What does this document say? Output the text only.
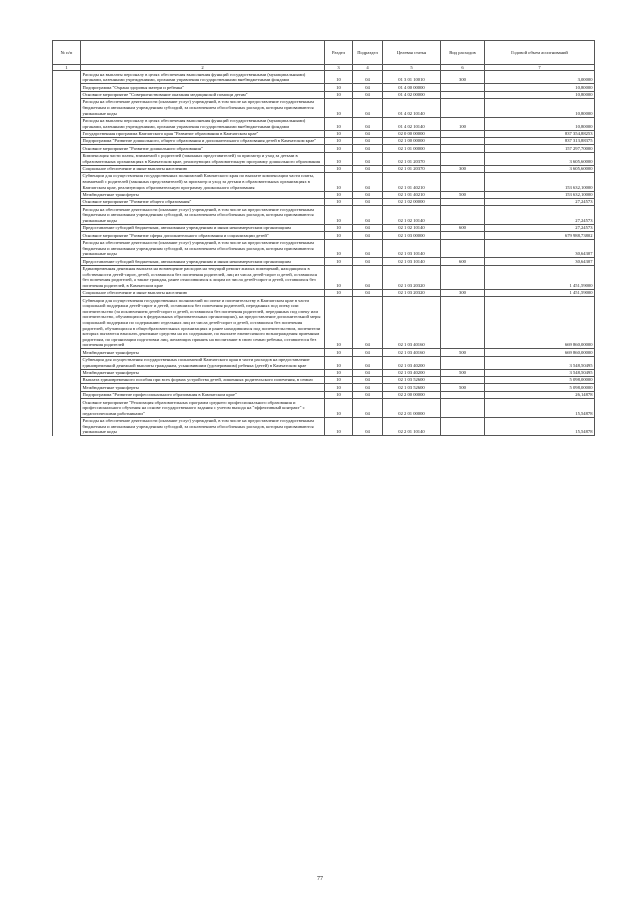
№ п/п		Раздел	Подраздел	Целевая статья	Вид расходов	Годовой объем ассигнований
1	2	3	4	5	6	7
	Расходы на выплаты персоналу в целях обеспечения выполнения функций государственными (муниципальными) органами, казенными учреждениями, органами управления государственными внебюджетными фондами	10	04	01 3 01 10010	300	3,00000
	Подпрограмма "Охрана здоровья матери и ребенка"	10	04	01 4 00 00000		10,80000
	Основное мероприятие "Совершенствование оказания медицинской помощи детям"	10	04	01 4 02 00000		10,80000
	Расходы на обеспечение деятельности (оказание услуг) учреждений, в том числе на предоставление государственным бюджетным и автономным учреждениям субсидий, за исключением обособленных расходов, которым присваиваются уникальные коды	10	04	01 4 02 10140		10,80000
	Расходы на выплаты персоналу в целях обеспечения выполнения функций государственными (муниципальными) органами, казенными учреждениями, органами управления государственными внебюджетными фондами	10	04	01 4 02 10140	100	10,80000
	Государственная программа Камчатского края "Развитие образования в Камчатском крае"	10	04	02 0 00 00000		837 354,88253
	Подпрограмма "Развитие дошкольного, общего образования и дополнительного образования детей в Камчатском крае"	10	04	02 1 00 00000		837 313,88375
	Основное мероприятие "Развитие дошкольного образования"	10	04	02 1 01 00000		157 297,70000
	Компенсация части платы, взимаемой с родителей (законных представителей) за присмотр и уход за детьми в образовательных организациях в Камчатском крае, реализующих образовательную программу дошкольного образования	10	04	02 1 01 20370		3 605,60000
	Социальное обеспечение и иные выплаты населению	10	04	02 1 01 20370	300	3 605,60000
	Субвенции для осуществления государственных полномочий Камчатского края по выплате компенсации части платы, взимаемой с родителей (законных представителей) за присмотр и уход за детьми в образовательных организациях в Камчатском крае, реализующих образовательную программу дошкольного образования	10	04	02 1 01 40210		153 632,10000
	Межбюджетные трансферты	10	04	02 1 01 40210	500	153 632,10000
	Основное мероприятие "Развитие общего образования"	10	04	02 1 02 00000		27,24573
	Расходы на обеспечение деятельности (оказание услуг) учреждений, в том числе на предоставление государственным бюджетным и автономным учреждениям субсидий, за исключением обособленных расходов, которым присваиваются уникальные коды	10	04	02 1 02 10140		27,24573
	Предоставление субсидий бюджетным, автономным учреждениям и иным некоммерческим организациям	10	04	02 1 02 10140	600	27,24573
	Основное мероприятие "Развитие сферы дополнительного образования и социализации детей"	10	04	02 1 03 00000		679 988,73802
	Расходы на обеспечение деятельности (оказание услуг) учреждений, в том числе на предоставление государственным бюджетным и автономным учреждениям субсидий, за исключением обособленных расходов, которым присваиваются уникальные коды	10	04	02 1 03 10140		30,64307
	Предоставление субсидий бюджетным, автономным учреждениям и иным некоммерческим организациям	10	04	02 1 03 10140	600	30,64307
	Единовременная денежная выплата на возмещение расходов на текущий ремонт жилых помещений, находящихся в собственности детей-сирот, детей, оставшихся без попечения родителей, лиц из числа детей-сирот и детей, оставшихся без попечения родителей, а также граждан, ранее относившихся к лицам из числа детей-сирот и детей, оставшихся без попечения родителей, в Камчатском крае	10	04	02 1 03 20320		1 451,59000
	Социальное обеспечение и иные выплаты населению	10	04	02 1 03 20320	300	1 451,59000
	Субвенции для осуществления государственных полномочий по опеке и попечительству в Камчатском крае в части социальной поддержки детей-сирот и детей, оставшихся без попечения родителей, переданных под опеку или попечительство (за исключением детей-сирот и детей, оставшихся без попечения родителей, переданных под опеку или попечительство, обучающихся в федеральных образовательных организациях), на предоставление дополнительной меры социальной поддержки по содержанию отдельных лиц из числа детей-сирот и детей, оставшихся без попечения родителей, обучающихся в общеобразовательных организациях и ранее находившихся под попечительством, попечители которых пытаются взыскать денежные средства на их содержание, по выплате ежемесячного вознаграждения приемным родителям, по организации подготовки лиц, желающих принять на воспитание в свою семью ребенка, оставшегося без попечения родителей	10	04	02 1 03 40160		669 860,00000
	Межбюджетные трансферты	10	04	02 1 03 40160	500	669 860,00000
	Субвенция для осуществления государственных полномочий Камчатского края в части расходов на предоставление единовременной денежной выплаты гражданам, усыновившим (удочерившим) ребенка (детей) в Камчатском крае	10	04	02 1 03 40200		3 548,50495
	Межбюджетные трансферты	10	04	02 1 03 40200	500	3 548,50495
	Выплата единовременного пособия при всех формах устройства детей, лишенных родительского попечения, в семью	10	04	02 1 03 52600		5 098,00000
	Межбюджетные трансферты	10	04	02 1 03 52600	500	5 098,00000
	Подпрограмма "Развитие профессионального образования в Камчатском крае"	10	04	02 2 00 00000		26,14878
	Основное мероприятие "Реализация образовательных программ среднего профессионального образования и профессионального обучения на основе государственного задания с учетом выхода на "эффективный контракт" с педагогическими работниками"	10	04	02 2 01 00000		15,54878
	Расходы на обеспечение деятельности (оказание услуг) учреждений, в том числе на предоставление государственным бюджетным и автономным учреждениям субсидий, за исключением обособленных расходов, которым присваиваются уникальные коды	10	04	02 2 01 10140		15,54878
77
